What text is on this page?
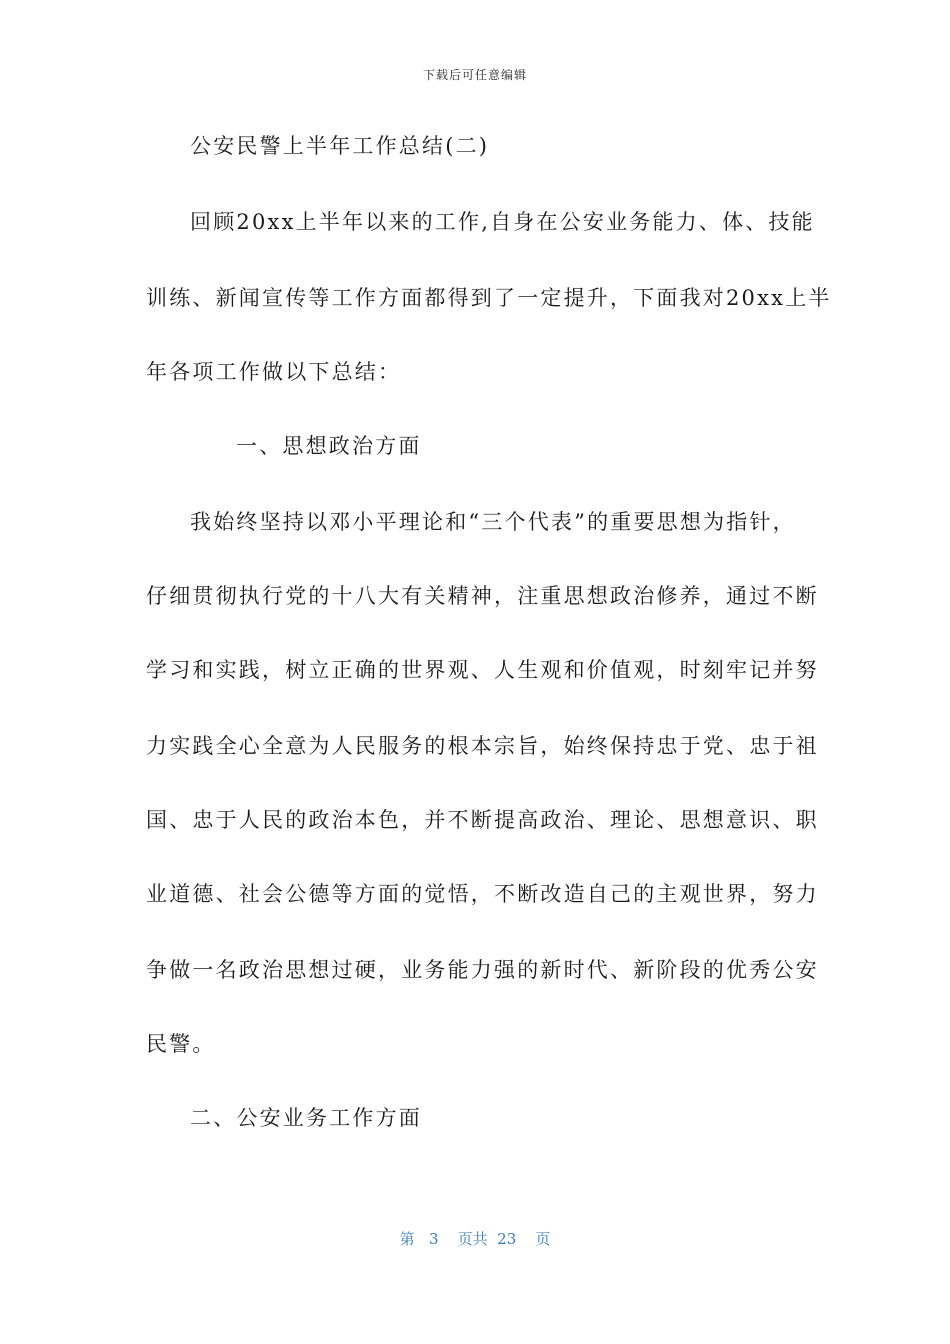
下载后可任意编辑
公安民警上半年工作总结(二)
回顾20xx上半年以来的工作,自身在公安业务能力、体、技能
训练、新闻宣传等工作方面都得到了一定提升，下面我对20xx上半
年各项工作做以下总结：
一、思想政治方面
我始终坚持以邓小平理论和“三个代表”的重要思想为指针，
仔细贯彻执行党的十八大有关精神，注重思想政治修养，通过不断
学习和实践，树立正确的世界观、人生观和价值观，时刻牢记并努
力实践全心全意为人民服务的根本宗旨，始终保持忠于党、忠于祖
国、忠于人民的政治本色，并不断提高政治、理论、思想意识、职
业道德、社会公德等方面的觉悟，不断改造自己的主观世界，努力
争做一名政治思想过硬，业务能力强的新时代、新阶段的优秀公安
民警。
二、公安业务工作方面
第 3 页共 23 页
